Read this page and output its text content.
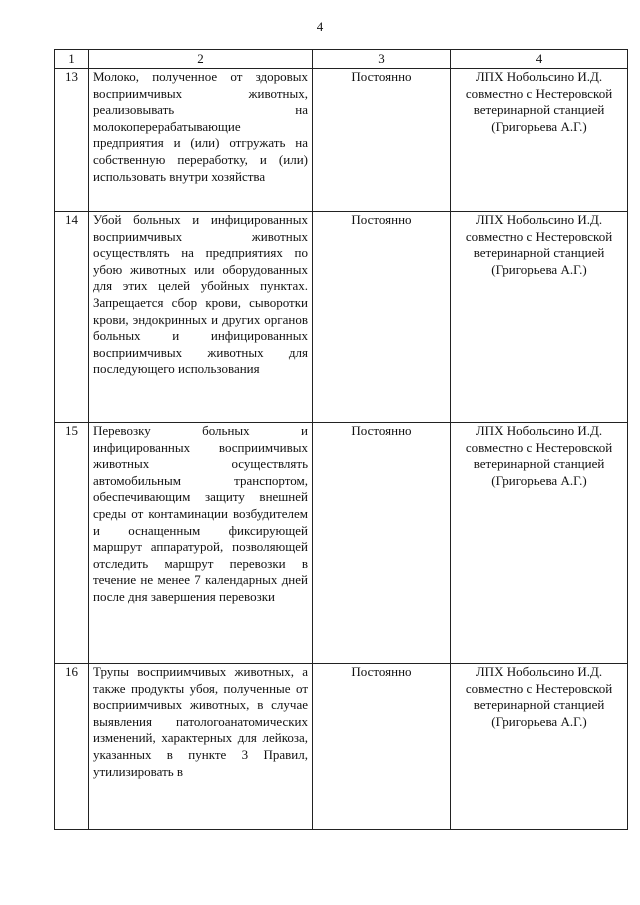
4
1	2	3	4
13	Молоко, полученное от здоровых восприимчивых животных, реализовывать на молокоперерабатывающие предприятия и (или) отгружать на собственную переработку, и (или) использовать внутри хозяйства	Постоянно	ЛПХ Нобольсино И.Д. совместно с Нестеровской ветеринарной станцией (Григорьева А.Г.)
14	Убой больных и инфицированных восприимчивых животных осуществлять на предприятиях по убою животных или оборудованных для этих целей убойных пунктах. Запрещается сбор крови, сыворотки крови, эндокринных и других органов больных и инфицированных восприимчивых животных для последующего использования	Постоянно	ЛПХ Нобольсино И.Д. совместно с Нестеровской ветеринарной станцией (Григорьева А.Г.)
15	Перевозку больных и инфицированных восприимчивых животных осуществлять автомобильным транспортом, обеспечивающим защиту внешней среды от контаминации возбудителем и оснащенным фиксирующей маршрут аппаратурой, позволяющей отследить маршрут перевозки в течение не менее 7 календарных дней после дня завершения перевозки	Постоянно	ЛПХ Нобольсино И.Д. совместно с Нестеровской ветеринарной станцией (Григорьева А.Г.)
16	Трупы восприимчивых животных, а также продукты убоя, полученные от восприимчивых животных, в случае выявления патологоанатомических изменений, характерных для лейкоза, указанных в пункте 3 Правил, утилизировать в	Постоянно	ЛПХ Нобольсино И.Д. совместно с Нестеровской ветеринарной станцией (Григорьева А.Г.)
